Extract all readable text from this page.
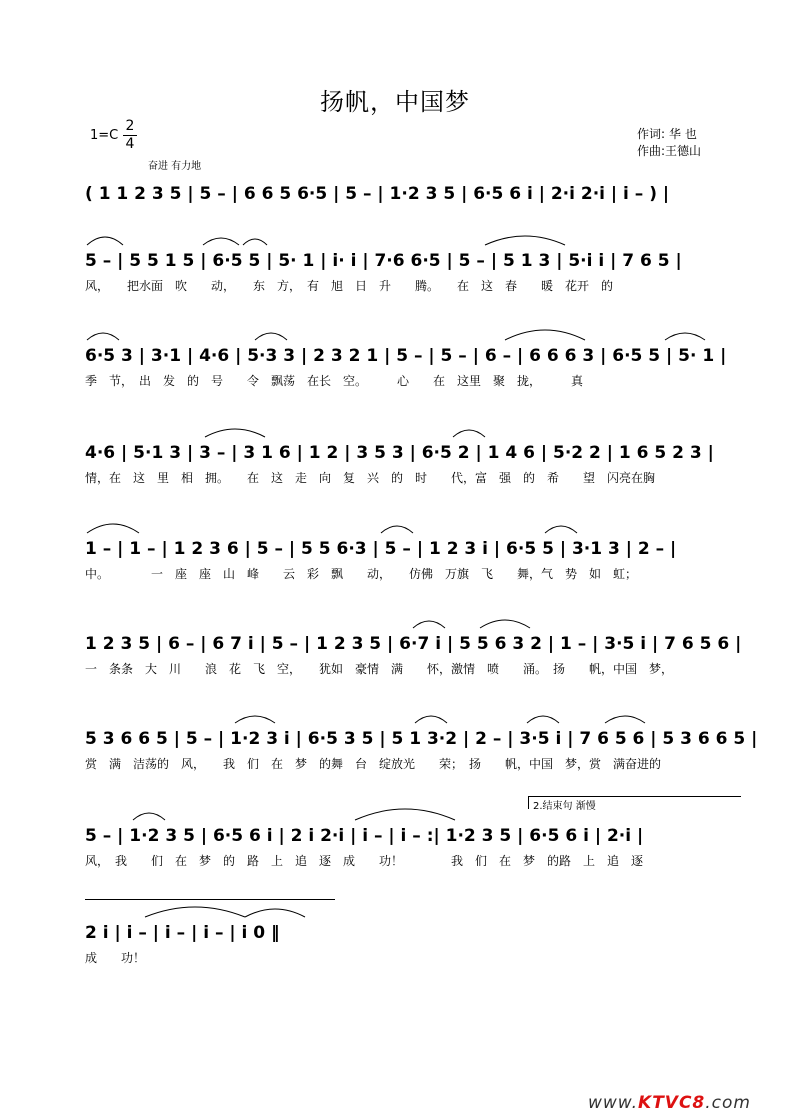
扬帆，中国梦
1=C
2
4
奋进 有力地
作词: 华 也
作曲:王德山
( 1 1 2 3 5 | 5 – | 6 6 5 6·5 | 5 – | 1·2 3 5 | 6·5 6 i | 2·i 2·i | i – ) |
5 – | 5 5 1 5 | 6·5 5 | 5· 1 | i· i | 7·6 6·5 | 5 – | 5 1 3 | 5·i i | 7 6 5 |
风，　　把水面　吹　　动，　　东　方，　有　旭　日　升　　腾。　　在　这　春　　暖　花开　的
6·5 3 | 3·1 | 4·6 | 5·3 3 | 2 3 2 1 | 5 – | 5 – | 6 – | 6 6 6 3 | 6·5 5 | 5· 1 |
季　节，　出　发　的　号　　令　飘荡　在长　空。　　　心　　在　这里　聚　拢，　　　真
4·6 | 5·1 3 | 3 – | 3 1 6 | 1 2 | 3 5 3 | 6·5 2 | 1 4 6 | 5·2 2 | 1 6 5 2 3 |
情，在　这　里　相　拥。　　在　这　走　向　复　兴　的　时　　代，富　强　的　希　　望　闪亮在胸
1 – | 1 – | 1 2 3 6 | 5 – | 5 5 6·3 | 5 – | 1 2 3 i | 6·5 5 | 3·1 3 | 2 – |
中。　　　　一　座　座　山　峰　　云　彩　飘　　动，　　仿佛　万旗　飞　　舞，气　势　如　虹；
1 2 3 5 | 6 – | 6 7 i | 5 – | 1 2 3 5 | 6·7 i | 5 5 6 3 2 | 1 – | 3·5 i | 7 6 5 6 |
一　条条　大　川　　浪　花　飞　空，　　犹如　豪情　满　　怀，激情　喷　　涌。　扬　　帆，中国　梦，
5 3 6 6 5 | 5 – | 1·2 3 i | 6·5 3 5 | 5 1 3·2 | 2 – | 3·5 i | 7 6 5 6 | 5 3 6 6 5 |
赏　满　洁荡的　风，　　我　们　在　梦　的舞　台　绽放光　　荣；　扬　　帆，中国　梦，赏　满奋进的
2.结束句 渐慢
5 – | 1·2 3 5 | 6·5 6 i | 2 i 2·i | i – | i – :| 1·2 3 5 | 6·5 6 i | 2·i |
风，　我　　们　在　梦　的　路　上　追　逐　成　　功！　　　　我　们　在　梦　的路　上　追　逐
2 i | i – | i – | i – | i 0 ‖
成　　功！
www.KTVC8.com
